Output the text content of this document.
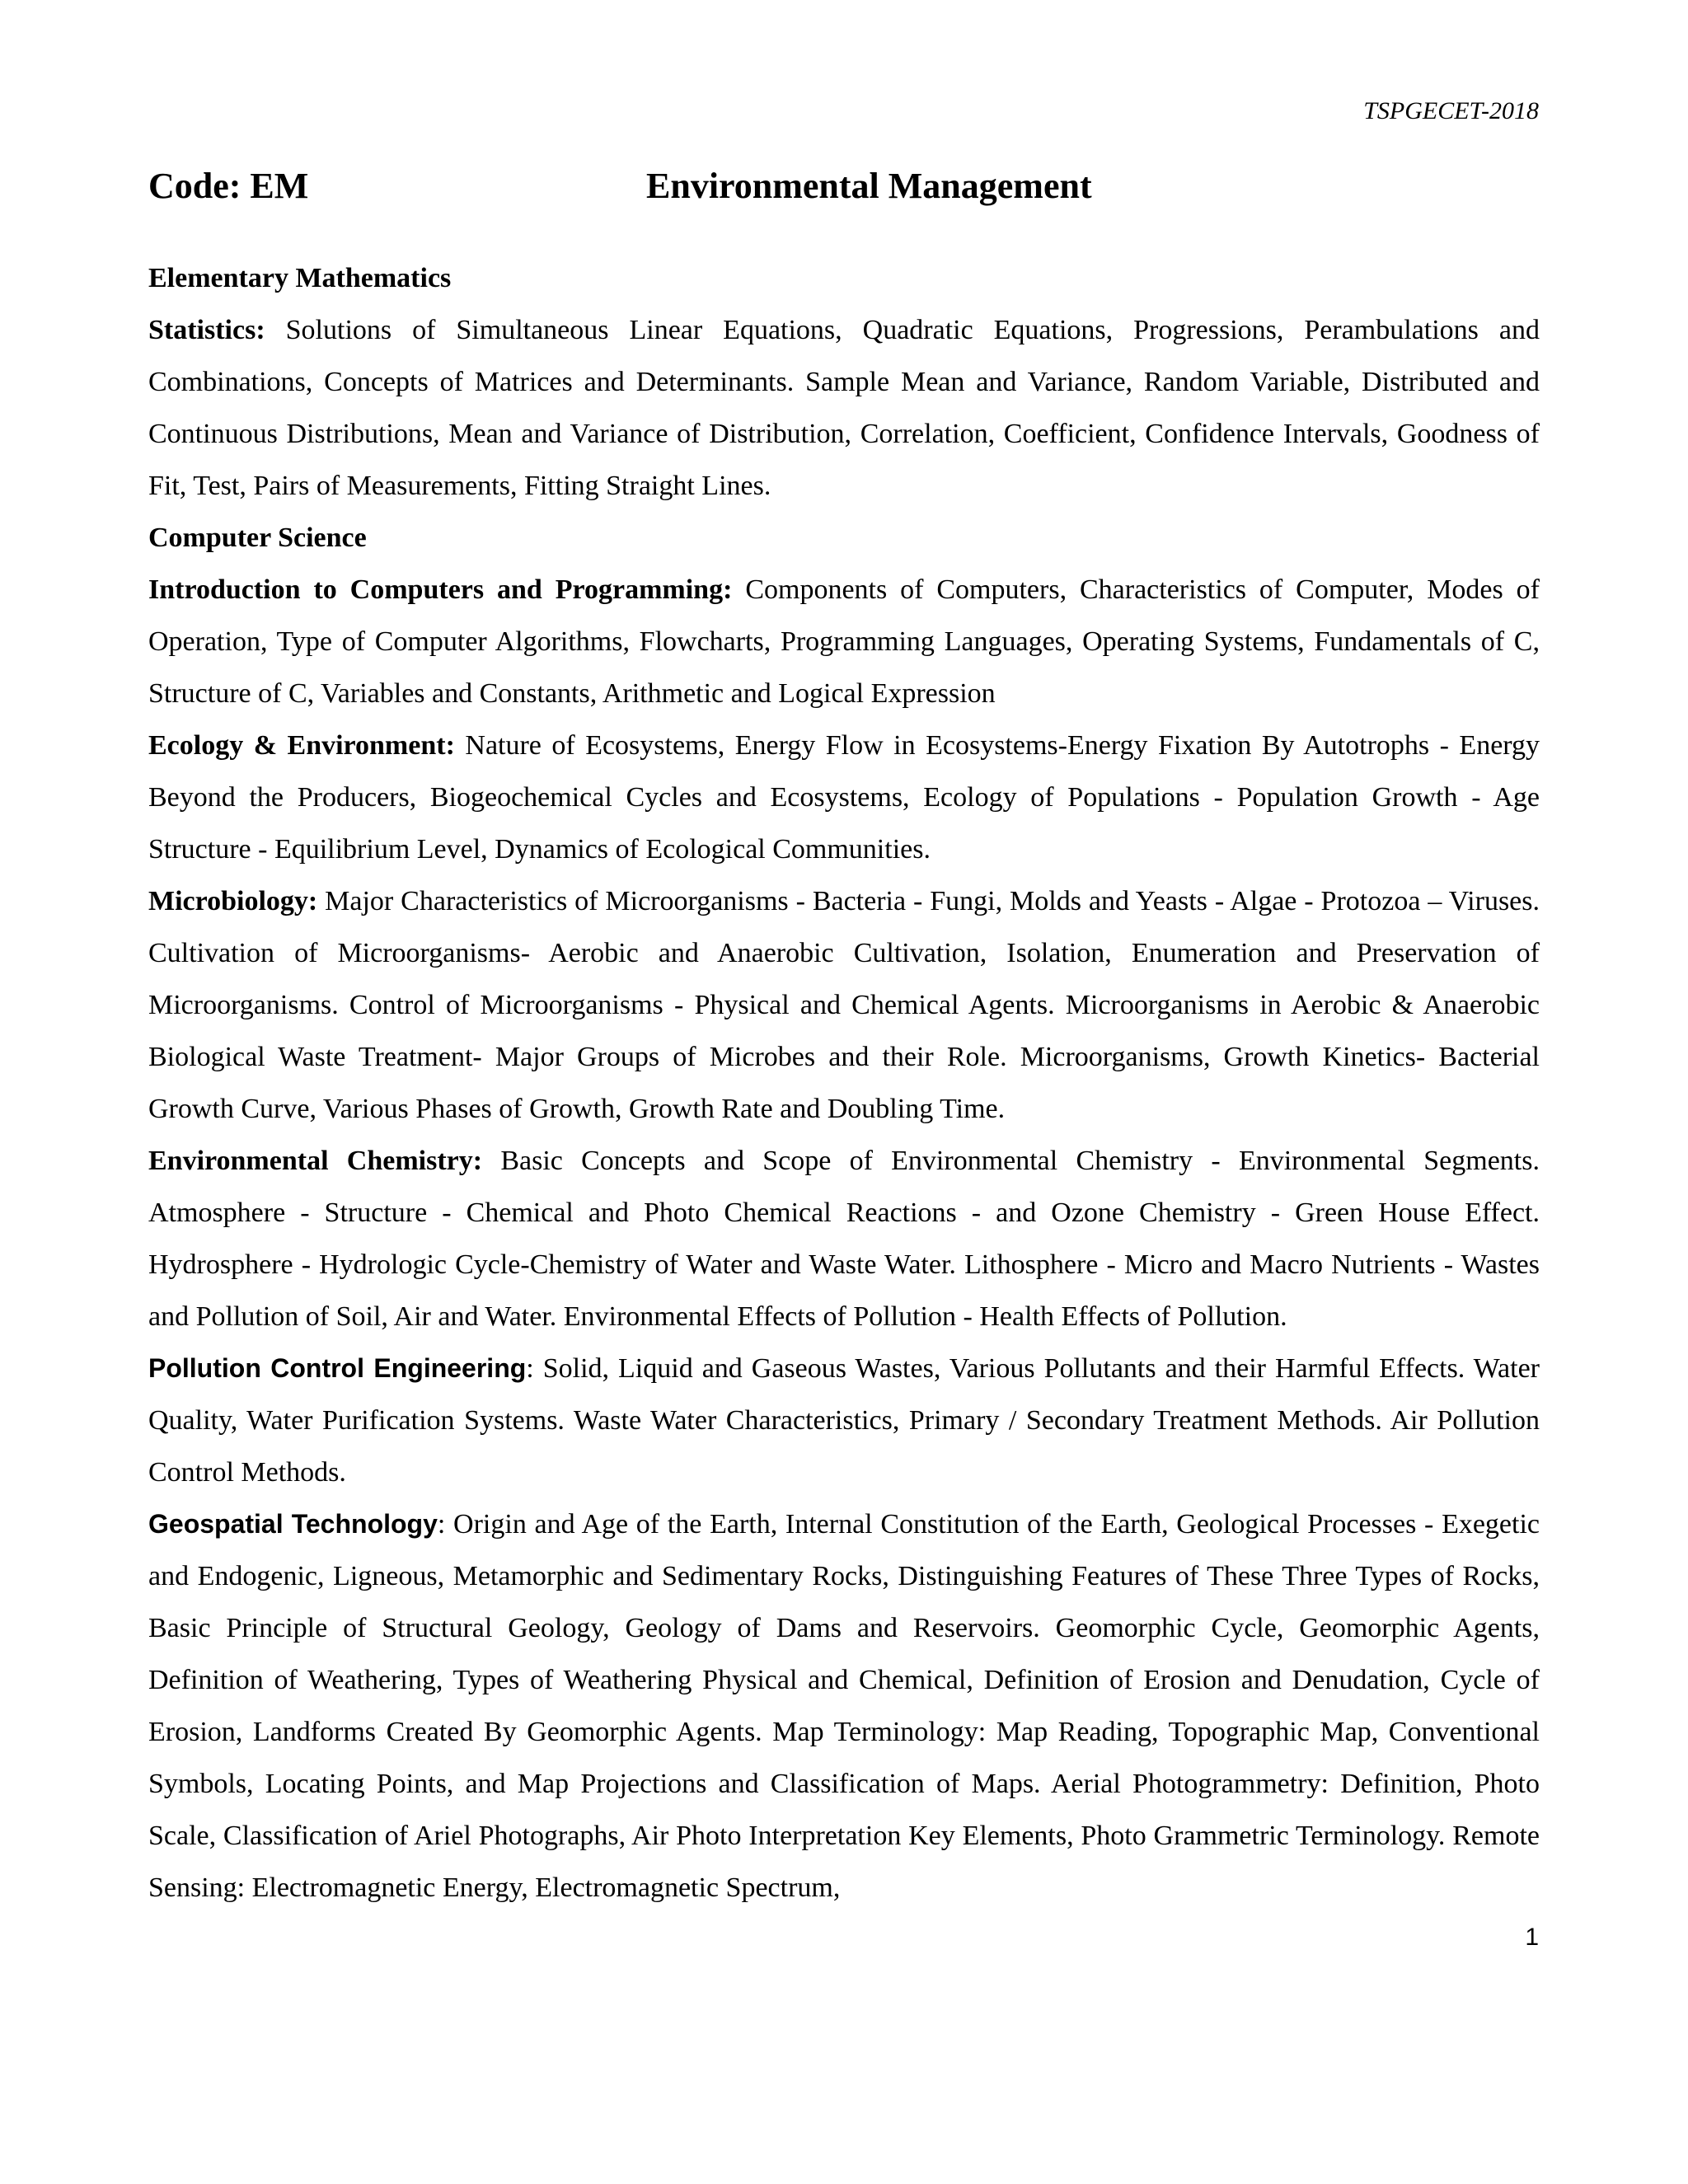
TSPGECET-2018
Code: EM	Environmental Management

Elementary Mathematics

Statistics: Solutions of Simultaneous Linear Equations, Quadratic Equations, Progressions, Perambulations and Combinations, Concepts of Matrices and Determinants. Sample Mean and Variance, Random Variable, Distributed and Continuous Distributions, Mean and Variance of Distribution, Correlation, Coefficient, Confidence Intervals, Goodness of Fit, Test, Pairs of Measurements, Fitting Straight Lines.

Computer Science

Introduction to Computers and Programming: Components of Computers, Characteristics of Computer, Modes of Operation, Type of Computer Algorithms, Flowcharts, Programming Languages, Operating Systems, Fundamentals of C, Structure of C, Variables and Constants, Arithmetic and Logical Expression

Ecology & Environment: Nature of Ecosystems, Energy Flow in Ecosystems-Energy Fixation By Autotrophs - Energy Beyond the Producers, Biogeochemical Cycles and Ecosystems, Ecology of Populations - Population Growth - Age Structure - Equilibrium Level, Dynamics of Ecological Communities.

Microbiology: Major Characteristics of Microorganisms - Bacteria - Fungi, Molds and Yeasts - Algae - Protozoa – Viruses. Cultivation of Microorganisms- Aerobic and Anaerobic Cultivation, Isolation, Enumeration and Preservation of Microorganisms. Control of Microorganisms - Physical and Chemical Agents. Microorganisms in Aerobic & Anaerobic Biological Waste Treatment- Major Groups of Microbes and their Role. Microorganisms, Growth Kinetics- Bacterial Growth Curve, Various Phases of Growth, Growth Rate and Doubling Time.

Environmental Chemistry: Basic Concepts and Scope of Environmental Chemistry - Environmental Segments. Atmosphere - Structure - Chemical and Photo Chemical Reactions - and Ozone Chemistry - Green House Effect. Hydrosphere - Hydrologic Cycle-Chemistry of Water and Waste Water. Lithosphere - Micro and Macro Nutrients - Wastes and Pollution of Soil, Air and Water. Environmental Effects of Pollution - Health Effects of Pollution.

Pollution Control Engineering: Solid, Liquid and Gaseous Wastes, Various Pollutants and their Harmful Effects. Water Quality, Water Purification Systems. Waste Water Characteristics, Primary / Secondary Treatment Methods. Air Pollution Control Methods.

Geospatial Technology: Origin and Age of the Earth, Internal Constitution of the Earth, Geological Processes - Exegetic and Endogenic, Ligneous, Metamorphic and Sedimentary Rocks, Distinguishing Features of These Three Types of Rocks, Basic Principle of Structural Geology, Geology of Dams and Reservoirs. Geomorphic Cycle, Geomorphic Agents, Definition of Weathering, Types of Weathering Physical and Chemical, Definition of Erosion and Denudation, Cycle of Erosion, Landforms Created By Geomorphic Agents. Map Terminology: Map Reading, Topographic Map, Conventional Symbols, Locating Points, and Map Projections and Classification of Maps. Aerial Photogrammetry: Definition, Photo Scale, Classification of Ariel Photographs, Air Photo Interpretation Key Elements, Photo Grammetric Terminology. Remote Sensing: Electromagnetic Energy, Electromagnetic Spectrum,

1
